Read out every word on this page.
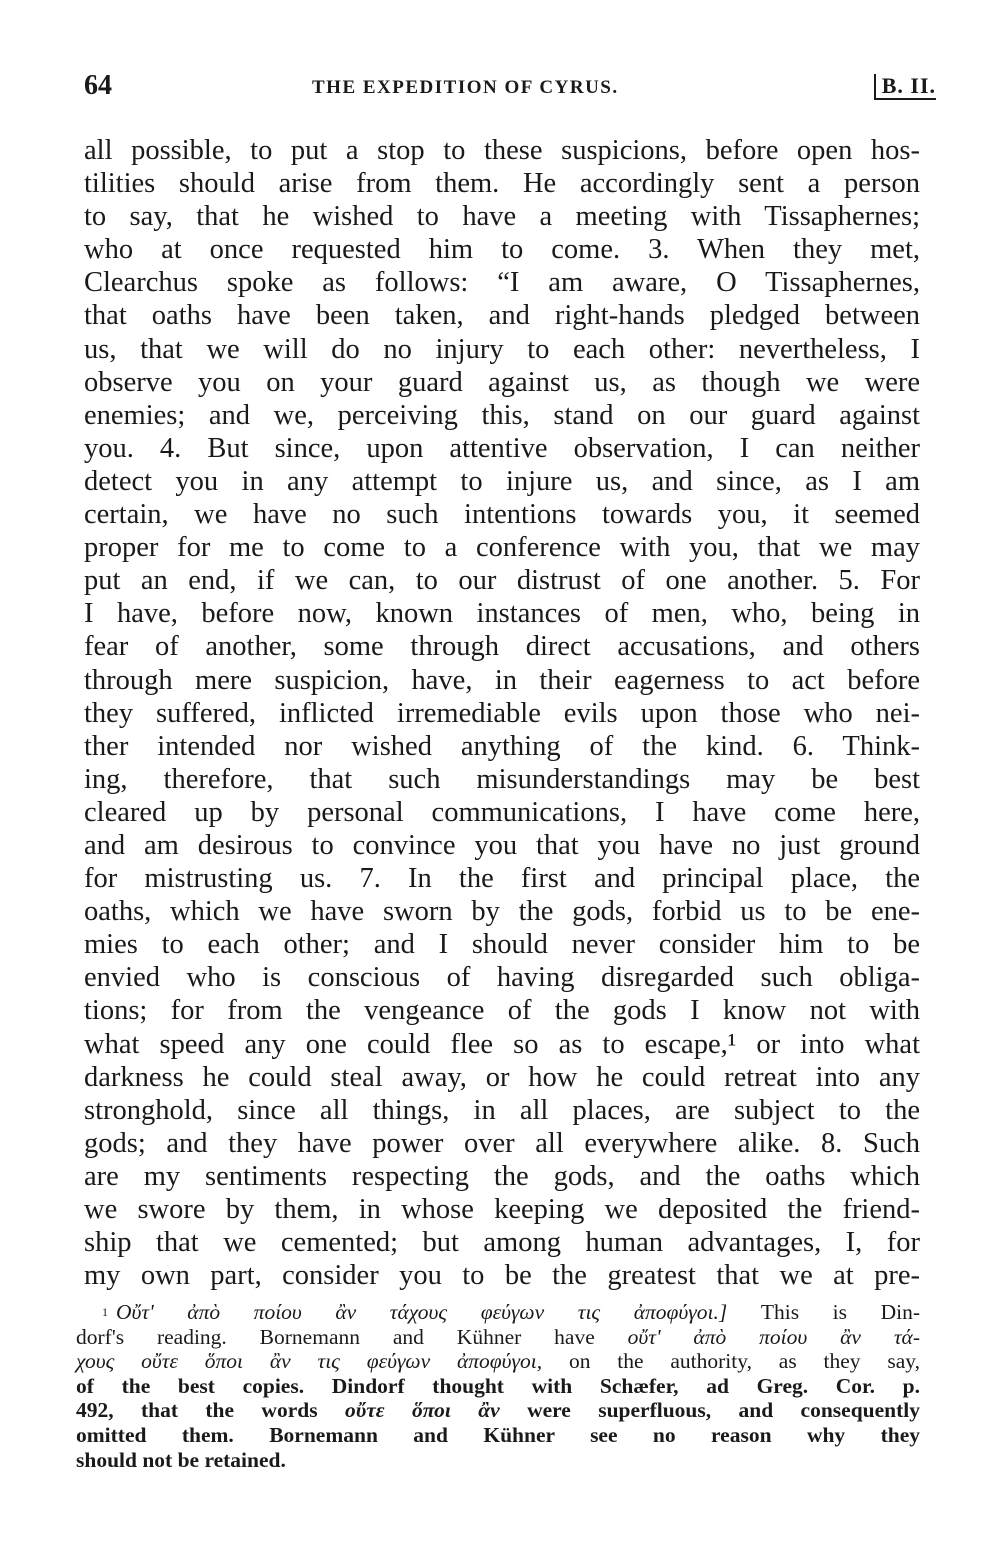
64	THE EXPEDITION OF CYRUS.	B. II.
all possible, to put a stop to these suspicions, before open hos-
tilities should arise from them. He accordingly sent a person
to say, that he wished to have a meeting with Tissaphernes;
who at once requested him to come. 3. When they met,
Clearchus spoke as follows: “I am aware, O Tissaphernes,
that oaths have been taken, and right-hands pledged between
us, that we will do no injury to each other: nevertheless, I
observe you on your guard against us, as though we were
enemies; and we, perceiving this, stand on our guard against
you. 4. But since, upon attentive observation, I can neither
detect you in any attempt to injure us, and since, as I am
certain, we have no such intentions towards you, it seemed
proper for me to come to a conference with you, that we may
put an end, if we can, to our distrust of one another. 5. For
I have, before now, known instances of men, who, being in
fear of another, some through direct accusations, and others
through mere suspicion, have, in their eagerness to act before
they suffered, inflicted irremediable evils upon those who nei-
ther intended nor wished anything of the kind. 6. Think-
ing, therefore, that such misunderstandings may be best
cleared up by personal communications, I have come here,
and am desirous to convince you that you have no just ground
for mistrusting us. 7. In the first and principal place, the
oaths, which we have sworn by the gods, forbid us to be ene-
mies to each other; and I should never consider him to be
envied who is conscious of having disregarded such obliga-
tions; for from the vengeance of the gods I know not with
what speed any one could flee so as to escape,¹ or into what
darkness he could steal away, or how he could retreat into any
stronghold, since all things, in all places, are subject to the
gods; and they have power over all everywhere alike. 8. Such
are my sentiments respecting the gods, and the oaths which
we swore by them, in whose keeping we deposited the friend-
ship that we cemented; but among human advantages, I, for
my own part, consider you to be the greatest that we at pre-
$^1$ Οὔτ' ἀπὸ ποίου ἂν τάχους φεύγων τις ἀποφύγοι.] This is Din-
dorf's reading. Bornemann and Kühner have οὔτ' ἀπὸ ποίου ἂν τά-
χους οὔτε ὅποι ἂν τις φεύγων ἀποφύγοι, on the authority, as they say,
of the best copies. Dindorf thought with Schæfer, ad Greg. Cor. p.
492, that the words οὔτε ὅποι ἂν were superfluous, and consequently
omitted them. Bornemann and Kühner see no reason why they
should not be retained.
